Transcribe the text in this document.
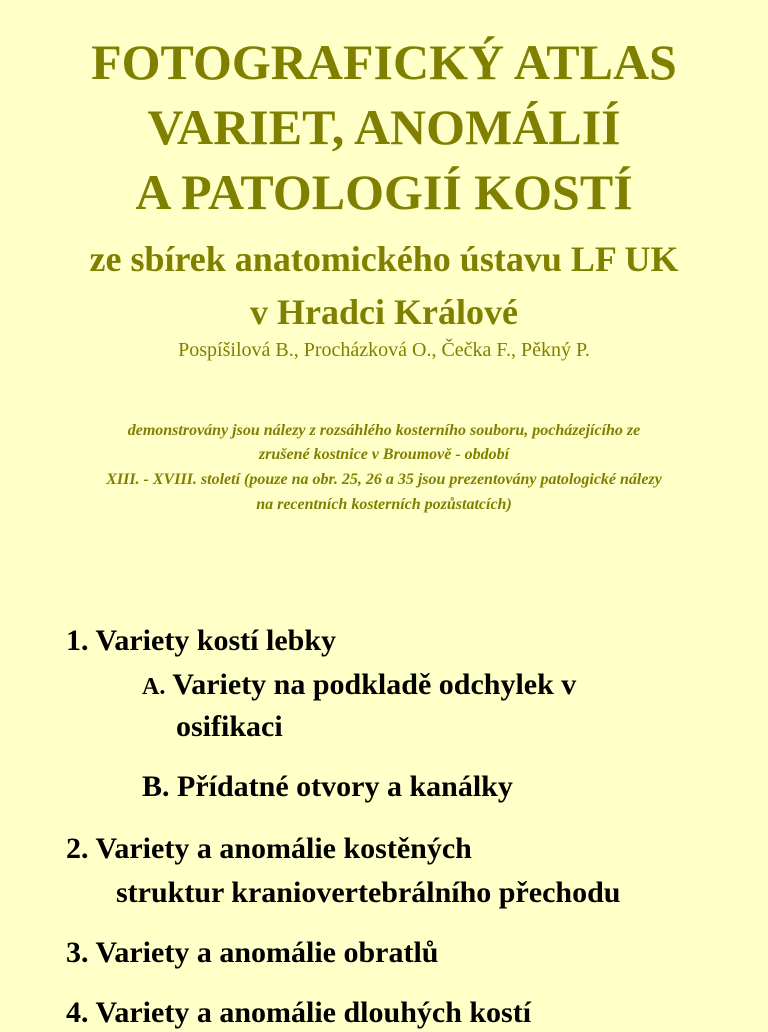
FOTOGRAFICKÝ ATLAS
VARIET, ANOMÁLIÍ
A PATOLOGIÍ KOSTÍ
ze sbírek anatomického ústavu LF UK
v Hradci Králové
Pospíšilová B., Procházková O., Čečka F., Pěkný P.
demonstrovány jsou nálezy z rozsáhlého kosterního souboru, pocházejícího ze
zrušené kostnice v Broumově - období
XIII. - XVIII. století (pouze na obr. 25, 26 a 35 jsou prezentovány patologické nálezy
na recentních kosterních pozůstatcích)
1. Variety kostí lebky
A. Variety na podkladě odchylek v
osifikaci
B. Přídatné otvory a kanálky
2. Variety a anomálie kostěných
struktur kraniovertebrálního přechodu
3. Variety a anomálie obratlů
4. Variety a anomálie dlouhých kostí
